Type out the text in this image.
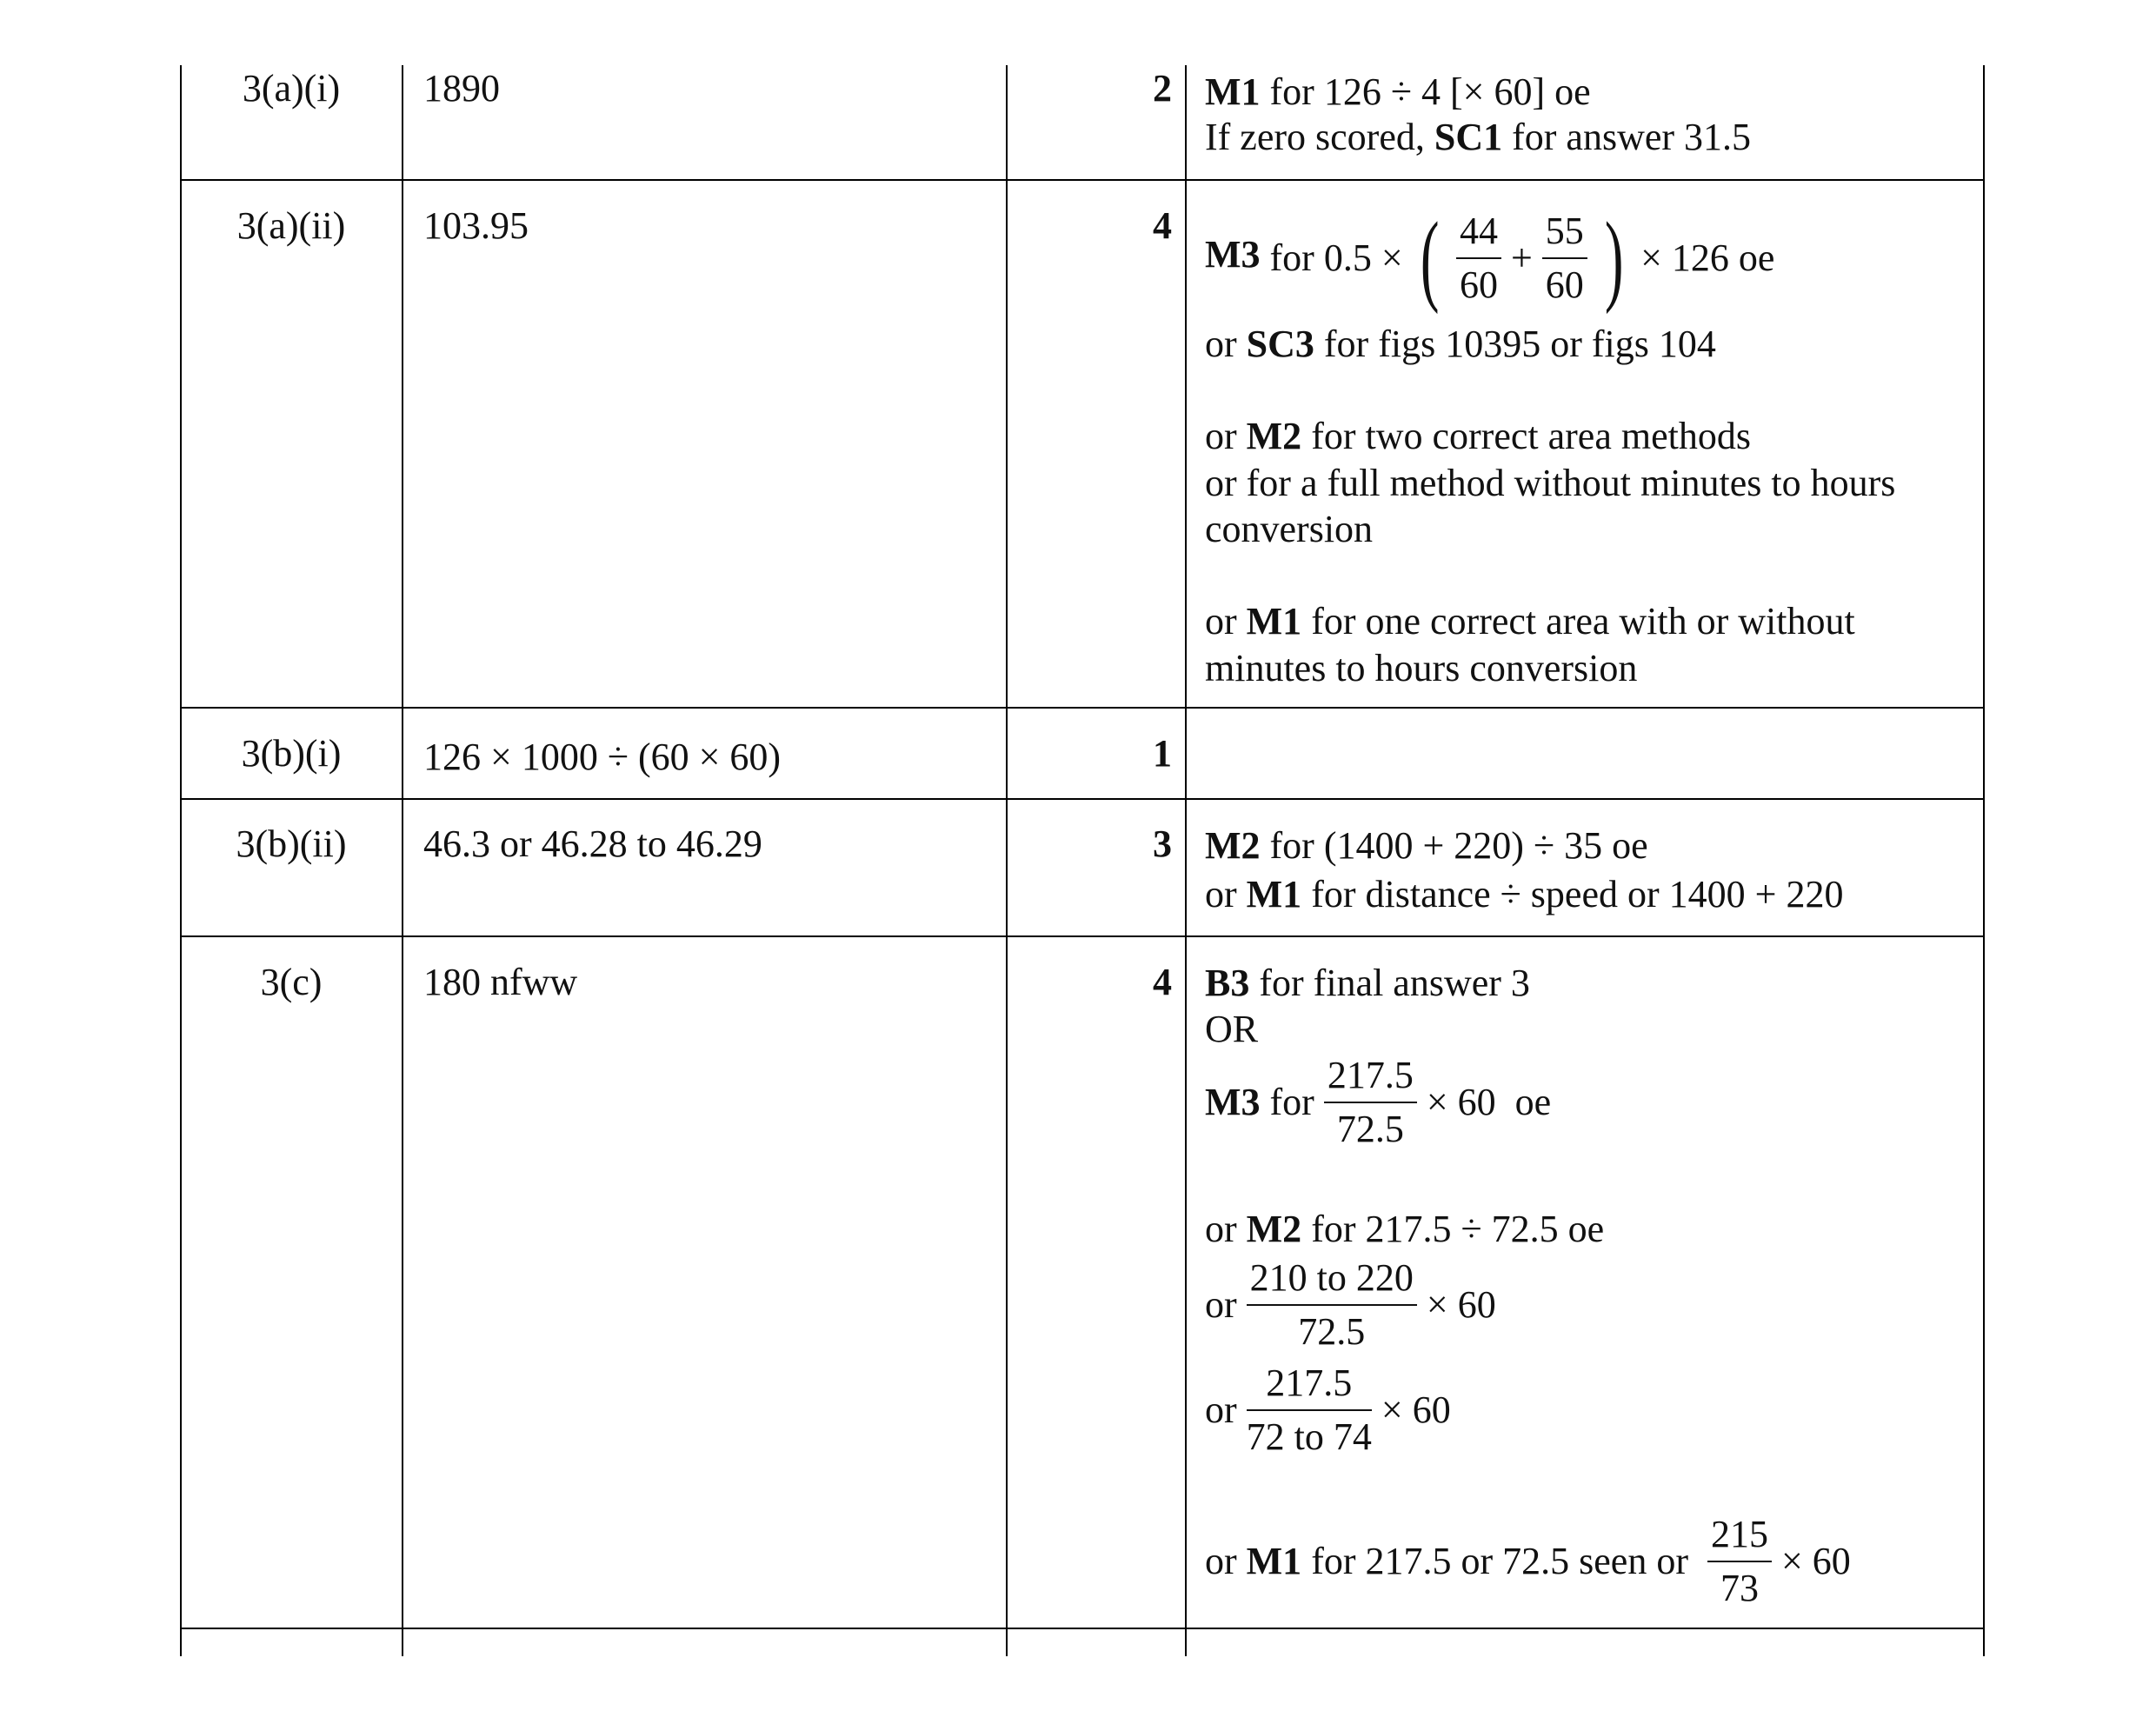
3(a)(i)	1890	2 M1 for 126 ÷ 4 [× 60] oe
If zero scored, SC1 for answer 31.5
3(a)(ii)	103.95	4
M3 for 0.5 × ( $\frac{44}{60} + \frac{55}{60}$ ) × 126 oe
or SC3 for figs 10395 or figs 104
or M2 for two correct area methods
or for a full method without minutes to hours
conversion
or M1 for one correct area with or without
minutes to hours conversion
3(b)(i)	126 × 1000 ÷ (60 × 60)	1
3(b)(ii)	46.3 or 46.28 to 46.29	3 M2 for (1400 + 220) ÷ 35 oe
or M1 for distance ÷ speed or 1400 + 220
3(c)	180 nfww	4 B3 for final answer 3
OR
M3 for $\frac{217.5}{72.5} \times 60$  oe
or M2 for 217.5 ÷ 72.5 oe
or $\frac{210 to 220}{72.5} \times 60$
or $\frac{217.5}{72 to 74} \times 60$
or M1 for 217.5 or 72.5 seen or $\frac{215}{73} \times 60$
